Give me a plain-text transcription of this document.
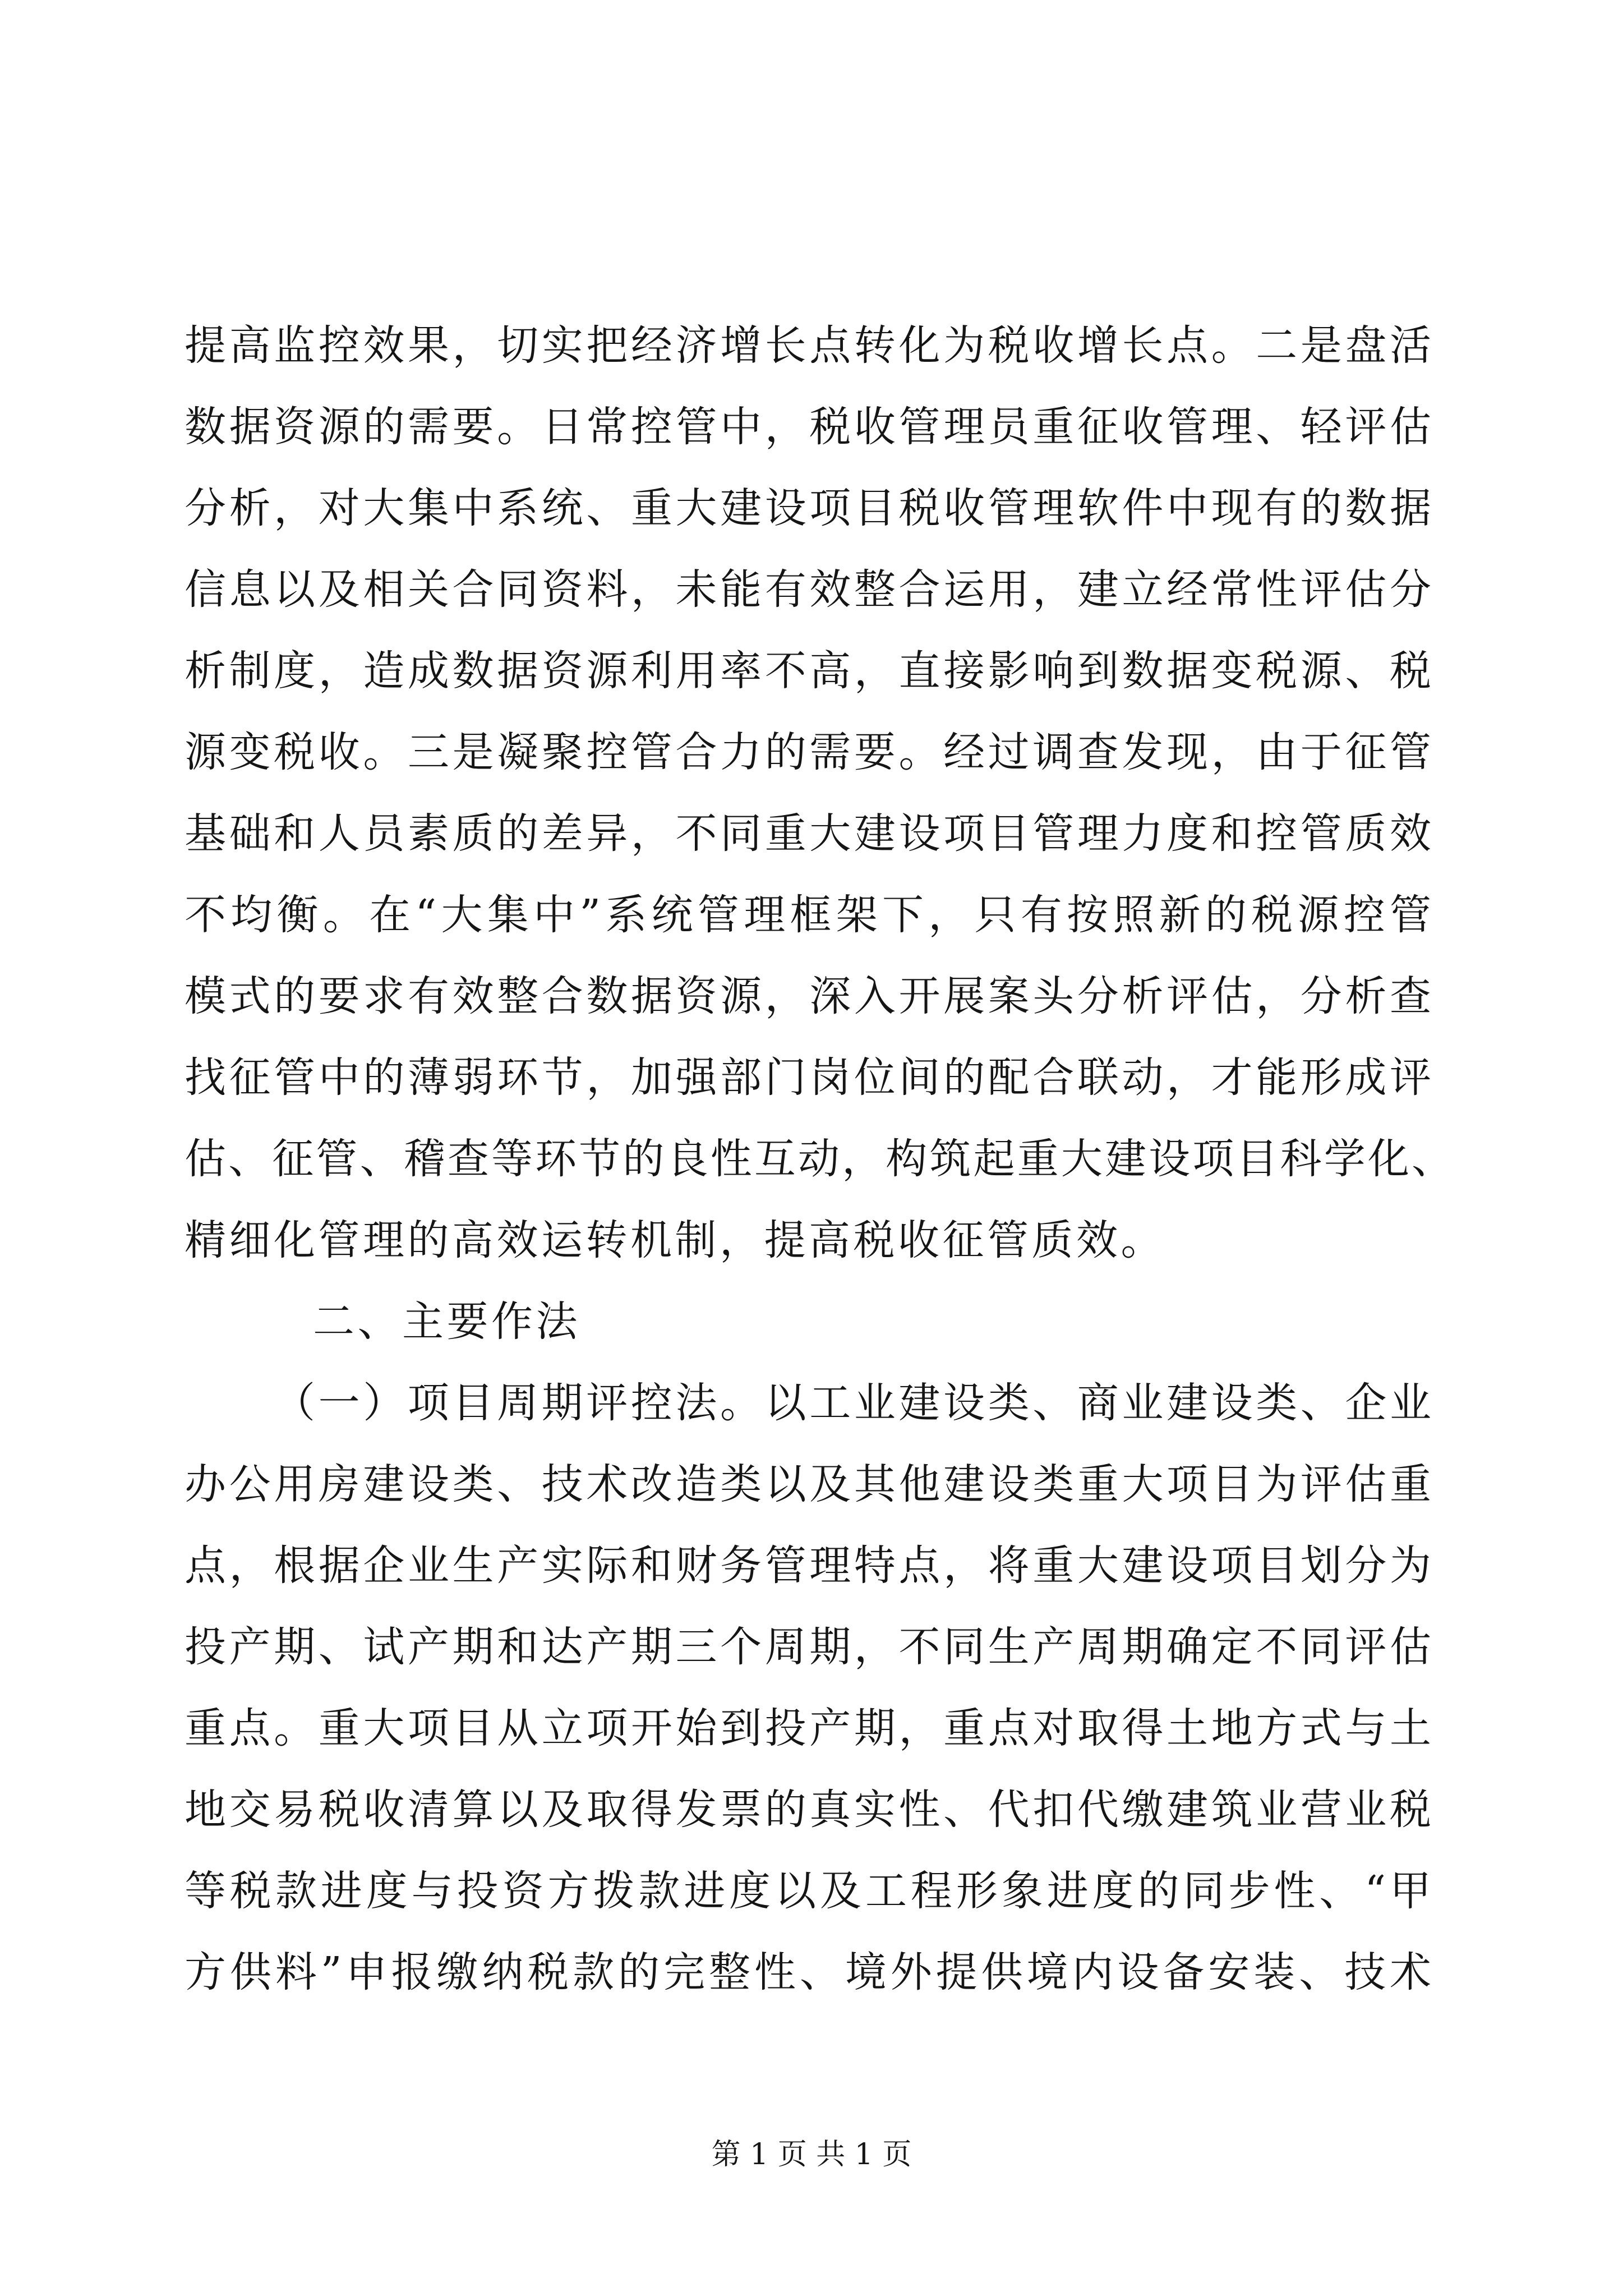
提高监控效果，切实把经济增长点转化为税收增长点。二是盘活
数据资源的需要。日常控管中，税收管理员重征收管理、轻评估
分析，对大集中系统、重大建设项目税收管理软件中现有的数据
信息以及相关合同资料，未能有效整合运用，建立经常性评估分
析制度，造成数据资源利用率不高，直接影响到数据变税源、税
源变税收。三是凝聚控管合力的需要。经过调查发现，由于征管
基础和人员素质的差异，不同重大建设项目管理力度和控管质效
不均衡。在“大集中”系统管理框架下，只有按照新的税源控管
模式的要求有效整合数据资源，深入开展案头分析评估，分析查
找征管中的薄弱环节，加强部门岗位间的配合联动，才能形成评
估、征管、稽查等环节的良性互动，构筑起重大建设项目科学化、
精细化管理的高效运转机制，提高税收征管质效。
二、主要作法
（一）项目周期评控法。以工业建设类、商业建设类、企业
办公用房建设类、技术改造类以及其他建设类重大项目为评估重
点，根据企业生产实际和财务管理特点，将重大建设项目划分为
投产期、试产期和达产期三个周期，不同生产周期确定不同评估
重点。重大项目从立项开始到投产期，重点对取得土地方式与土
地交易税收清算以及取得发票的真实性、代扣代缴建筑业营业税
等税款进度与投资方拨款进度以及工程形象进度的同步性、“甲
方供料”申报缴纳税款的完整性、境外提供境内设备安装、技术
第 1 页 共 1 页
